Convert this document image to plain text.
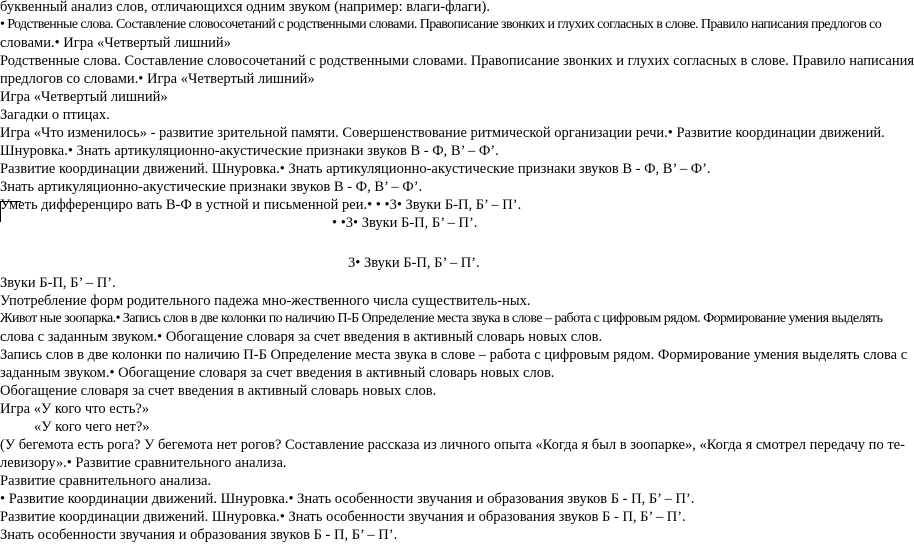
буквенный анализ слов, отличающихся одним звуком (например: влаги-флаги).

• Родственные слова. Составление словосочетаний с родственными словами. Правописание звонких и глухих согласных в слове. Правило написания предлогов со

словами.• Игра «Четвертый лишний»

Родственные слова. Составление словосочетаний с родственными словами. Правописание звонких и глухих согласных в слове. Правило написания

предлогов со словами.• Игра «Четвертый лишний»

Игра «Четвертый лишний»

Загадки о птицах.

Игра «Что изменилось» - развитие зрительной памяти. Совершенствование ритмической организации речи.• Развитие координации движений.

Шнуровка.• Знать артикуляционно-акустические признаки звуков В - Ф, В’ – Ф’.

Развитие координации движений. Шнуровка.• Знать артикуляционно-акустические признаки звуков В - Ф, В’ – Ф’.

Знать артикуляционно-акустические признаки звуков В - Ф, В’ – Ф’.

Уметь дифференциро вать В-Ф в устной и письменной реи.• • •3• Звуки Б-П, Б’ – П’.

• •3• Звуки Б-П, Б’ – П’.

3• Звуки Б-П, Б’ – П’.

Звуки Б-П, Б’ – П’.

Употребление форм родительного падежа мно-жественного числа существитель-ных.

Живот ные зоопарка.• Запись слов в две колонки по наличию П-Б Определение места звука в слове – работа с цифровым рядом. Формирование умения выделять

слова с заданным звуком.• Обогащение словаря за счет введения в активный словарь новых слов.

Запись слов в две колонки по наличию П-Б Определение места звука в слове – работа с цифровым рядом. Формирование умения выделять слова с

заданным звуком.• Обогащение словаря за счет введения в активный словарь новых слов.

Обогащение словаря за счет введения в активный словарь новых слов.

Игра «У кого что есть?»

«У кого чего нет?»

(У бегемота есть рога? У бегемота нет рогов? Составление рассказа из личного опыта «Когда я был в зоопарке», «Когда я смотрел передачу по те-

левизору».• Развитие сравнительного анализа.

Развитие сравнительного анализа.

• Развитие координации движений. Шнуровка.• Знать особенности звучания и образования звуков Б - П, Б’ – П’.

Развитие координации движений. Шнуровка.• Знать особенности звучания и образования звуков Б - П, Б’ – П’.

Знать особенности звучания и образования звуков Б - П, Б’ – П’.
